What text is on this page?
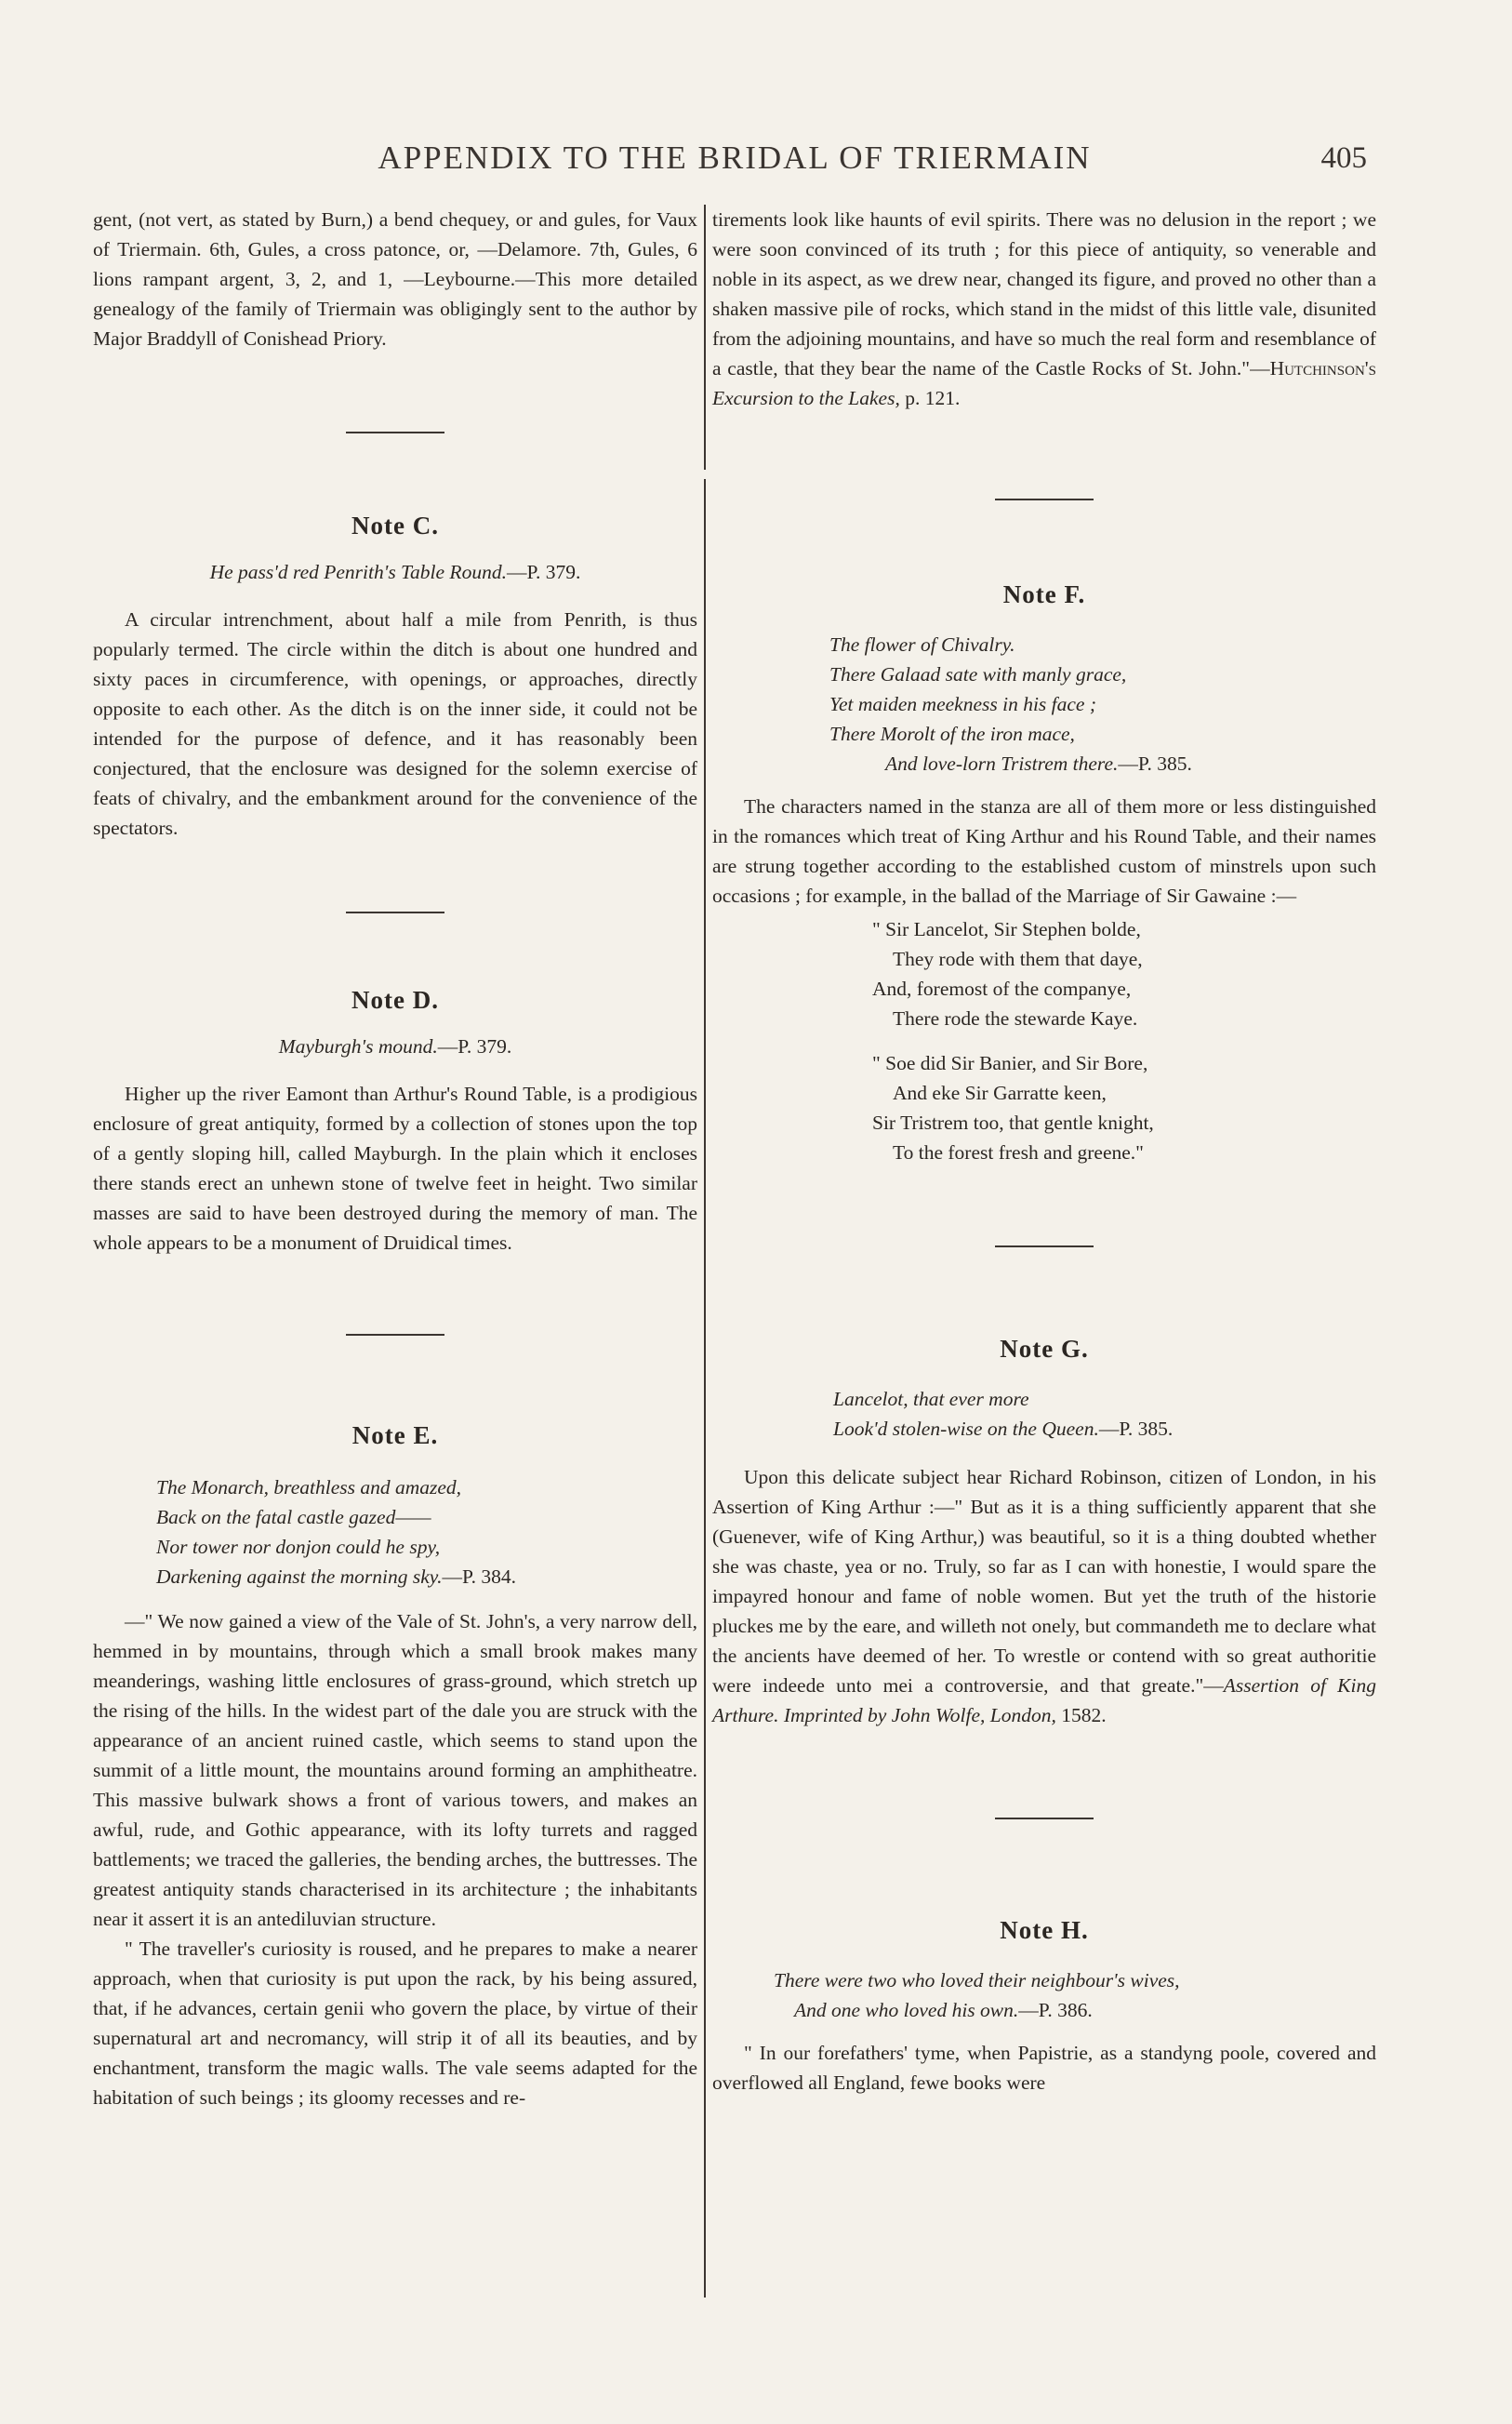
APPENDIX TO THE BRIDAL OF TRIERMAIN	405

gent, (not vert, as stated by Burn,) a bend chequey, or and gules, for Vaux of Triermain. 6th, Gules, a cross patonce, or, —Delamore. 7th, Gules, 6 lions rampant argent, 3, 2, and 1, —Leybourne.—This more detailed genealogy of the family of Triermain was obligingly sent to the author by Major Braddyll of Conishead Priory.

Note C.
He pass'd red Penrith's Table Round.—P. 379.

A circular intrenchment, about half a mile from Penrith, is thus popularly termed. The circle within the ditch is about one hundred and sixty paces in circumference, with openings, or approaches, directly opposite to each other. As the ditch is on the inner side, it could not be intended for the purpose of defence, and it has reasonably been conjectured, that the enclosure was designed for the solemn exercise of feats of chivalry, and the embankment around for the convenience of the spectators.

Note D.
Mayburgh's mound.—P. 379.

Higher up the river Eamont than Arthur's Round Table, is a prodigious enclosure of great antiquity, formed by a collection of stones upon the top of a gently sloping hill, called Mayburgh. In the plain which it encloses there stands erect an unhewn stone of twelve feet in height. Two similar masses are said to have been destroyed during the memory of man. The whole appears to be a monument of Druidical times.

Note E.
The Monarch, breathless and amazed,
Back on the fatal castle gazed——
Nor tower nor donjon could he spy,
Darkening against the morning sky.—P. 384.

—" We now gained a view of the Vale of St. John's, a very narrow dell, hemmed in by mountains, through which a small brook makes many meanderings, washing little enclosures of grass-ground, which stretch up the rising of the hills. In the widest part of the dale you are struck with the appearance of an ancient ruined castle, which seems to stand upon the summit of a little mount, the mountains around forming an amphitheatre. This massive bulwark shows a front of various towers, and makes an awful, rude, and Gothic appearance, with its lofty turrets and ragged battlements; we traced the galleries, the bending arches, the buttresses. The greatest antiquity stands characterised in its architecture ; the inhabitants near it assert it is an antediluvian structure.

" The traveller's curiosity is roused, and he prepares to make a nearer approach, when that curiosity is put upon the rack, by his being assured, that, if he advances, certain genii who govern the place, by virtue of their supernatural art and necromancy, will strip it of all its beauties, and by enchantment, transform the magic walls. The vale seems adapted for the habitation of such beings ; its gloomy recesses and re-

tirements look like haunts of evil spirits. There was no delusion in the report ; we were soon convinced of its truth ; for this piece of antiquity, so venerable and noble in its aspect, as we drew near, changed its figure, and proved no other than a shaken massive pile of rocks, which stand in the midst of this little vale, disunited from the adjoining mountains, and have so much the real form and resemblance of a castle, that they bear the name of the Castle Rocks of St. John."—Hutchinson's Excursion to the Lakes, p. 121.

Note F.
The flower of Chivalry.
There Galaad sate with manly grace,
Yet maiden meekness in his face ;
There Morolt of the iron mace,
And love-lorn Tristrem there.—P. 385.

The characters named in the stanza are all of them more or less distinguished in the romances which treat of King Arthur and his Round Table, and their names are strung together according to the established custom of minstrels upon such occasions ; for example, in the ballad of the Marriage of Sir Gawaine :—

" Sir Lancelot, Sir Stephen bolde,
They rode with them that daye,
And, foremost of the companye,
There rode the stewarde Kaye.
" Soe did Sir Banier, and Sir Bore,
And eke Sir Garratte keen,
Sir Tristrem too, that gentle knight,
To the forest fresh and greene."
Note G.
Lancelot, that ever more
Look'd stolen-wise on the Queen.—P. 385.

Upon this delicate subject hear Richard Robinson, citizen of London, in his Assertion of King Arthur :—" But as it is a thing sufficiently apparent that she (Guenever, wife of King Arthur,) was beautiful, so it is a thing doubted whether she was chaste, yea or no. Truly, so far as I can with honestie, I would spare the impayred honour and fame of noble women. But yet the truth of the historie pluckes me by the eare, and willeth not onely, but commandeth me to declare what the ancients have deemed of her. To wrestle or contend with so great authoritie were indeede unto mei a controversie, and that greate."—Assertion of King Arthure. Imprinted by John Wolfe, London, 1582.

Note H.
There were two who loved their neighbour's wives,
And one who loved his own.—P. 386.

" In our forefathers' tyme, when Papistrie, as a standyng poole, covered and overflowed all England, fewe books were
